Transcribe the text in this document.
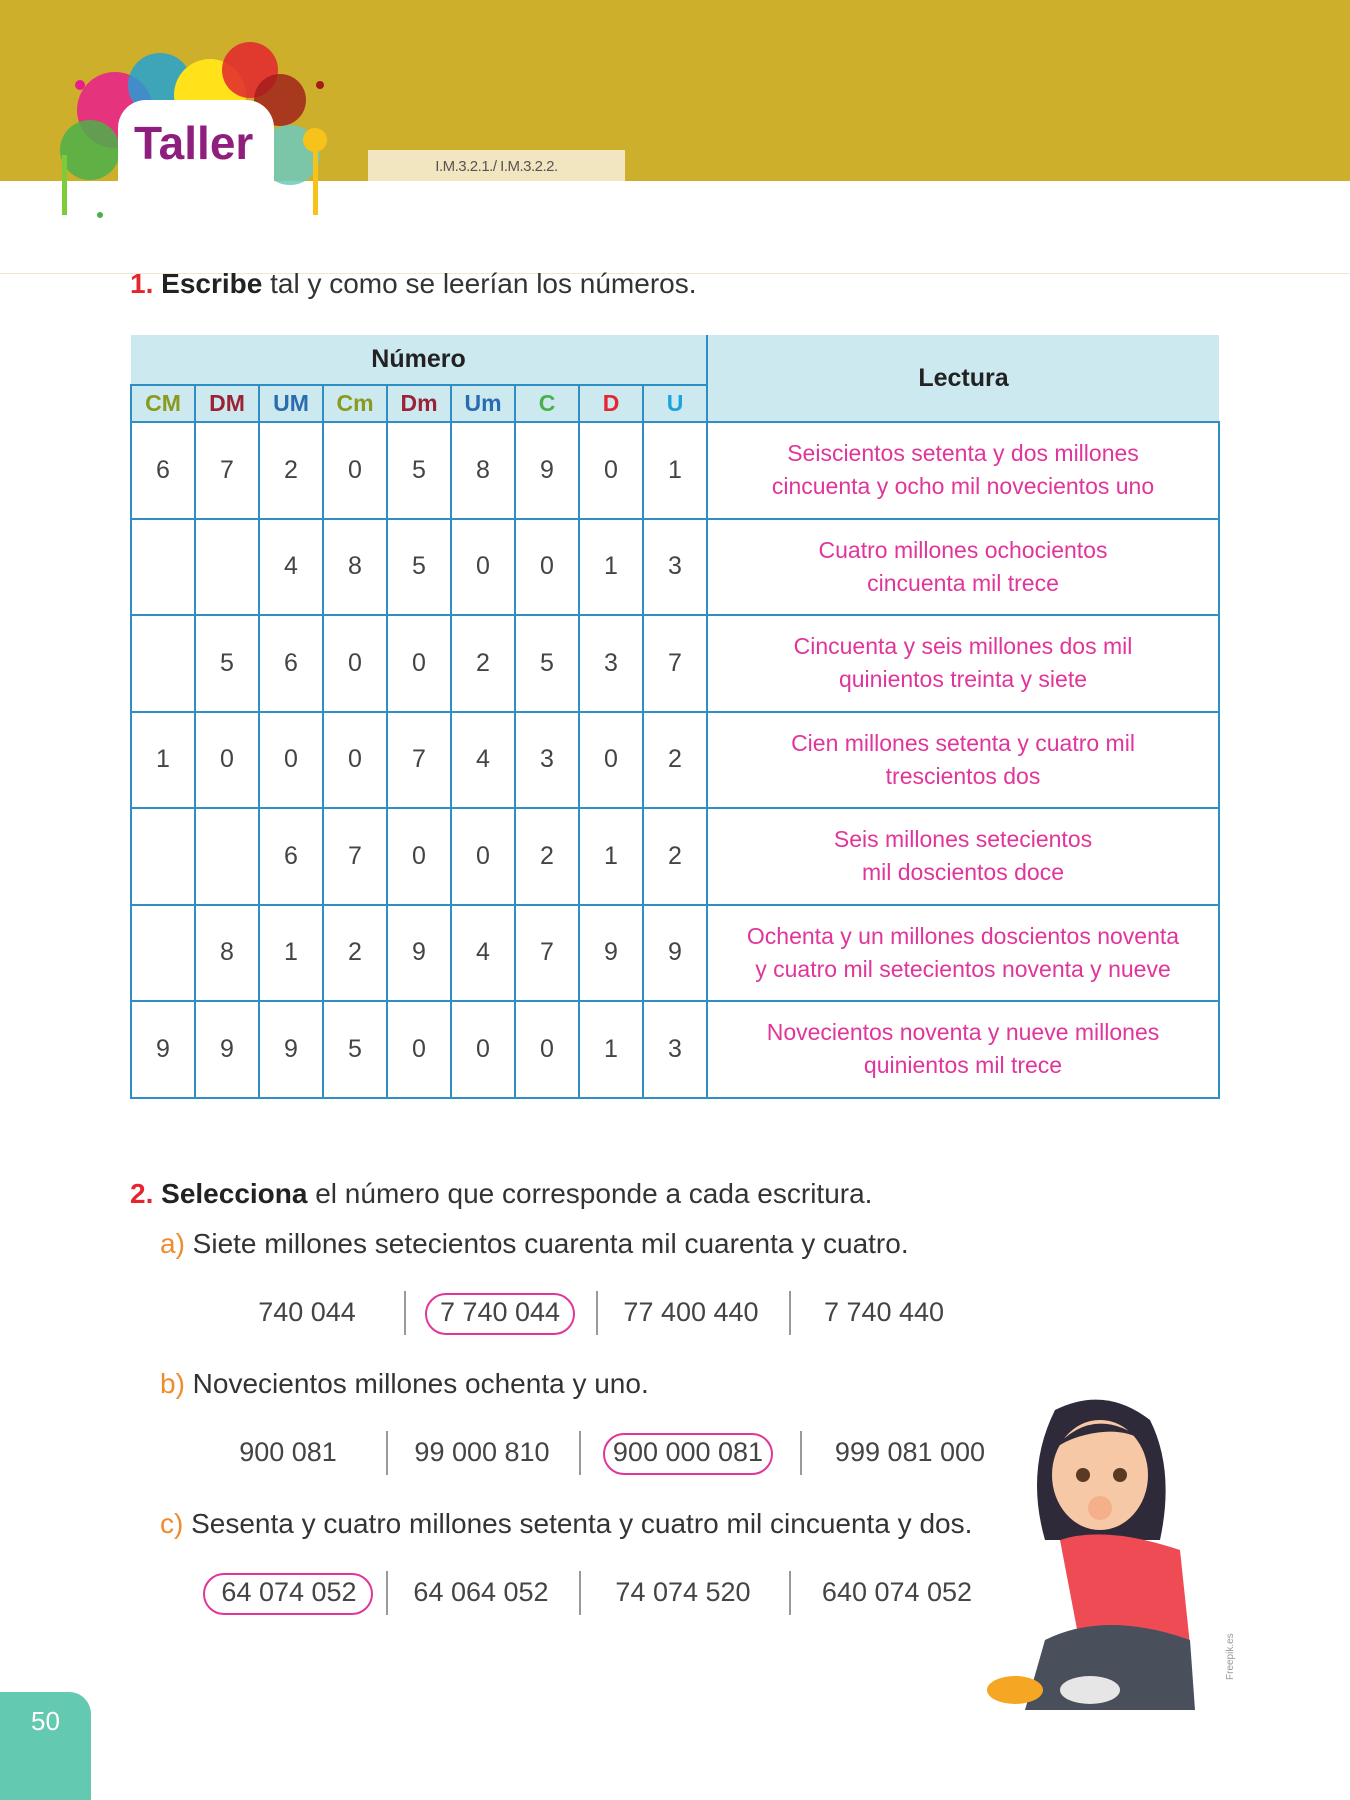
I.M.3.2.1./ I.M.3.2.2.
Taller
1. Escribe tal y como se leerían los números.
Número									Lectura
CM	DM	UM	Cm	Dm	Um	C	D	U	
6	7	2	0	5	8	9	0	1	Seiscientos setenta y dos millones
cincuenta y ocho mil novecientos uno

		4	8	5	0	0	1	3	Cuatro millones ochocientos
cincuenta mil trece

	5	6	0	0	2	5	3	7	Cincuenta y seis millones dos mil
quinientos treinta y siete

1	0	0	0	7	4	3	0	2	Cien millones setenta y cuatro mil
trescientos dos

		6	7	0	0	2	1	2	Seis millones setecientos
mil doscientos doce

	8	1	2	9	4	7	9	9	Ochenta y un millones doscientos noventa
y cuatro mil setecientos noventa y nueve

9	9	9	5	0	0	0	1	3	Novecientos noventa y nueve millones
quinientos mil trece
2. Selecciona el número que corresponde a cada escritura.
a) Siete millones setecientos cuarenta mil cuarenta y cuatro.
740 044	7 740 044 77 400 440 7 740 440
b) Novecientos millones ochenta y uno.
900 081	99 000 810 900 000 081	999 081 000
c) Sesenta y cuatro millones setenta y cuatro mil cincuenta y dos.
64 074 052 64 064 052 74 074 520	640 074 052
50
Freepik.es
